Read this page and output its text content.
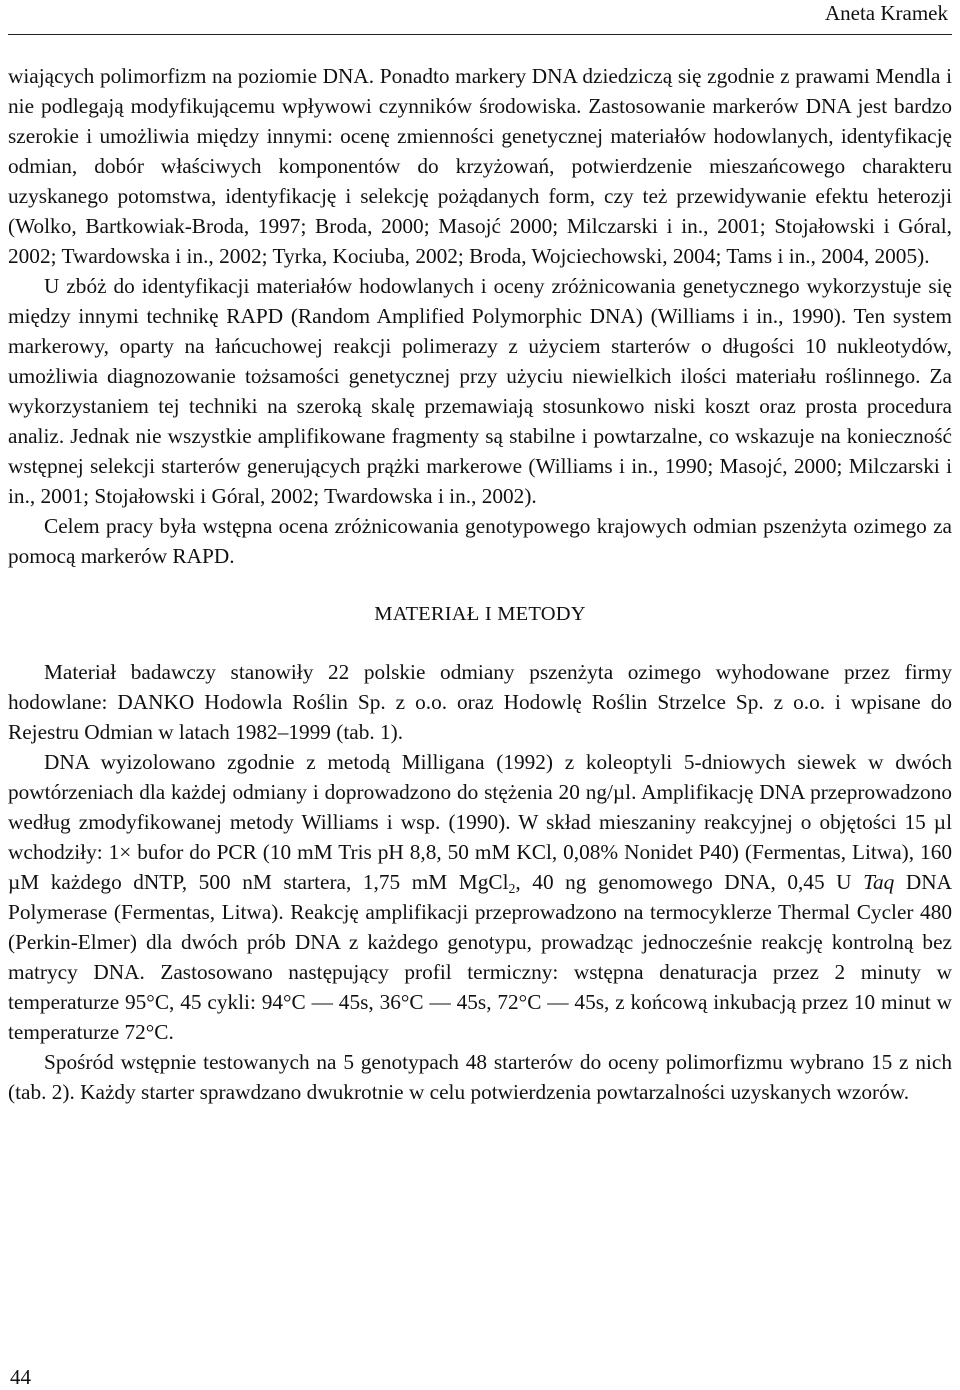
Aneta Kramek

wiających polimorfizm na poziomie DNA. Ponadto markery DNA dziedziczą się zgodnie z prawami Mendla i nie podlegają modyfikującemu wpływowi czynników środowiska. Zastosowanie markerów DNA jest bardzo szerokie i umożliwia między innymi: ocenę zmienności genetycznej materiałów hodowlanych, identyfikację odmian, dobór właściwych komponentów do krzyżowań, potwierdzenie mieszańcowego charakteru uzyskanego potomstwa, identyfikację i selekcję pożądanych form, czy też przewidywanie efektu heterozji (Wolko, Bartkowiak-Broda, 1997; Broda, 2000; Masojć 2000; Milczarski i in., 2001; Stojałowski i Góral, 2002; Twardowska i in., 2002; Tyrka, Kociuba, 2002; Broda, Wojciechowski, 2004; Tams i in., 2004, 2005).

U zbóż do identyfikacji materiałów hodowlanych i oceny zróżnicowania genetycznego wykorzystuje się między innymi technikę RAPD (Random Amplified Polymorphic DNA) (Williams i in., 1990). Ten system markerowy, oparty na łańcuchowej reakcji polimerazy z użyciem starterów o długości 10 nukleotydów, umożliwia diagnozowanie tożsamości genetycznej przy użyciu niewielkich ilości materiału roślinnego. Za wykorzystaniem tej techniki na szeroką skalę przemawiają stosunkowo niski koszt oraz prosta procedura analiz. Jednak nie wszystkie amplifikowane fragmenty są stabilne i powtarzalne, co wskazuje na konieczność wstępnej selekcji starterów generujących prążki markerowe (Williams i in., 1990; Masojć, 2000; Milczarski i in., 2001; Stojałowski i Góral, 2002; Twardowska i in., 2002).

Celem pracy była wstępna ocena zróżnicowania genotypowego krajowych odmian pszenżyta ozimego za pomocą markerów RAPD.

MATERIAŁ I METODY

Materiał badawczy stanowiły 22 polskie odmiany pszenżyta ozimego wyhodowane przez firmy hodowlane: DANKO Hodowla Roślin Sp. z o.o. oraz Hodowlę Roślin Strzelce Sp. z o.o. i wpisane do Rejestru Odmian w latach 1982–1999 (tab. 1).

DNA wyizolowano zgodnie z metodą Milligana (1992) z koleoptyli 5-dniowych siewek w dwóch powtórzeniach dla każdej odmiany i doprowadzono do stężenia 20 ng/µl. Amplifikację DNA przeprowadzono według zmodyfikowanej metody Williams i wsp. (1990). W skład mieszaniny reakcyjnej o objętości 15 µl wchodziły: 1× bufor do PCR (10 mM Tris pH 8,8, 50 mM KCl, 0,08% Nonidet P40) (Fermentas, Litwa), 160 µM każdego dNTP, 500 nM startera, 1,75 mM MgCl$_2$, 40 ng genomowego DNA, 0,45 U Taq DNA Polymerase (Fermentas, Litwa). Reakcję amplifikacji przeprowadzono na termocyklerze Thermal Cycler 480 (Perkin-Elmer) dla dwóch prób DNA z każdego genotypu, prowadząc jednocześnie reakcję kontrolną bez matrycy DNA. Zastosowano następujący profil termiczny: wstępna denaturacja przez 2 minuty w temperaturze 95°C, 45 cykli: 94°C — 45s, 36°C — 45s, 72°C — 45s, z końcową inkubacją przez 10 minut w temperaturze 72°C.

Spośród wstępnie testowanych na 5 genotypach 48 starterów do oceny polimorfizmu wybrano 15 z nich (tab. 2). Każdy starter sprawdzano dwukrotnie w celu potwierdzenia powtarzalności uzyskanych wzorów.

44
